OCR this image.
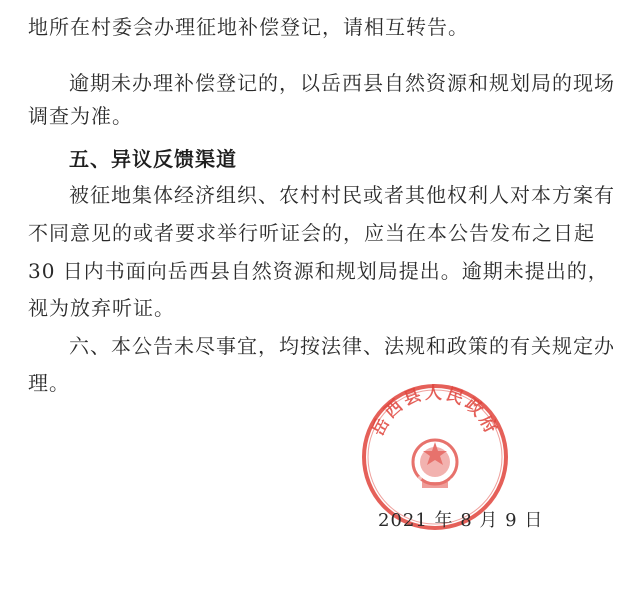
地所在村委会办理征地补偿登记，请相互转告。
逾期未办理补偿登记的，以岳西县自然资源和规划局的现场
调查为准。
五、异议反馈渠道
被征地集体经济组织、农村村民或者其他权利人对本方案有
不同意见的或者要求举行听证会的，应当在本公告发布之日起
30 日内书面向岳西县自然资源和规划局提出。逾期未提出的，
视为放弃听证。
六、本公告未尽事宜，均按法律、法规和政策的有关规定办
理。
岳西县人民政府
2021 年 8 月 9 日
